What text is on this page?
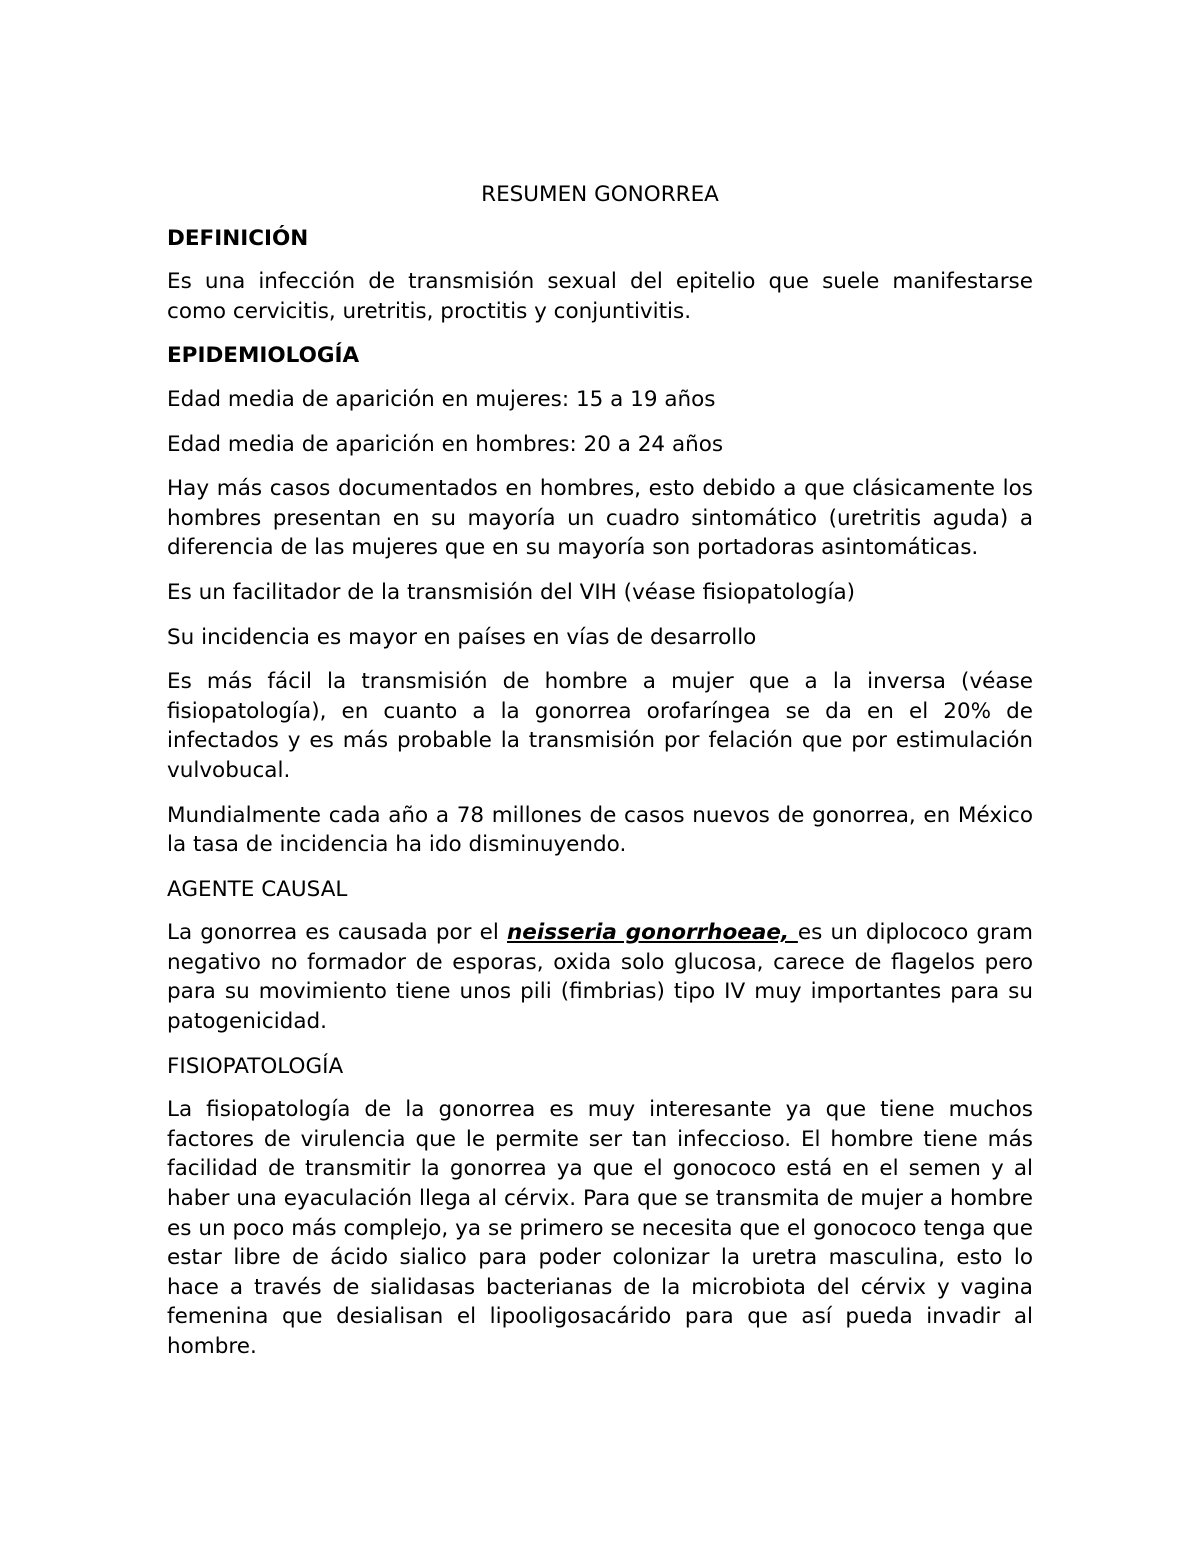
RESUMEN GONORREA
DEFINICIÓN
Es una infección de transmisión sexual del epitelio que suele manifestarse como cervicitis, uretritis, proctitis y conjuntivitis.
EPIDEMIOLOGÍA
Edad media de aparición en mujeres: 15 a 19 años
Edad media de aparición en hombres: 20 a 24 años
Hay más casos documentados en hombres, esto debido a que clásicamente los hombres presentan en su mayoría un cuadro sintomático (uretritis aguda) a diferencia de las mujeres que en su mayoría son portadoras asintomáticas.
Es un facilitador de la transmisión del VIH (véase fisiopatología)
Su incidencia es mayor en países en vías de desarrollo
Es más fácil la transmisión de hombre a mujer que a la inversa (véase fisiopatología), en cuanto a la gonorrea orofaríngea se da en el 20% de infectados y es más probable la transmisión por felación que por estimulación vulvobucal.
Mundialmente cada año a 78 millones de casos nuevos de gonorrea, en México la tasa de incidencia ha ido disminuyendo.
AGENTE CAUSAL
La gonorrea es causada por el neisseria gonorrhoeae, es un diplococo gram negativo no formador de esporas, oxida solo glucosa, carece de flagelos pero para su movimiento tiene unos pili (fimbrias) tipo IV muy importantes para su patogenicidad.
FISIOPATOLOGÍA
La fisiopatología de la gonorrea es muy interesante ya que tiene muchos factores de virulencia que le permite ser tan infeccioso. El hombre tiene más facilidad de transmitir la gonorrea ya que el gonococo está en el semen y al haber una eyaculación llega al cérvix. Para que se transmita de mujer a hombre es un poco más complejo, ya se primero se necesita que el gonococo tenga que estar libre de ácido sialico para poder colonizar la uretra masculina, esto lo hace a través de sialidasas bacterianas de la microbiota del cérvix y vagina femenina que desialisan el lipooligosacárido para que así pueda invadir al hombre.
